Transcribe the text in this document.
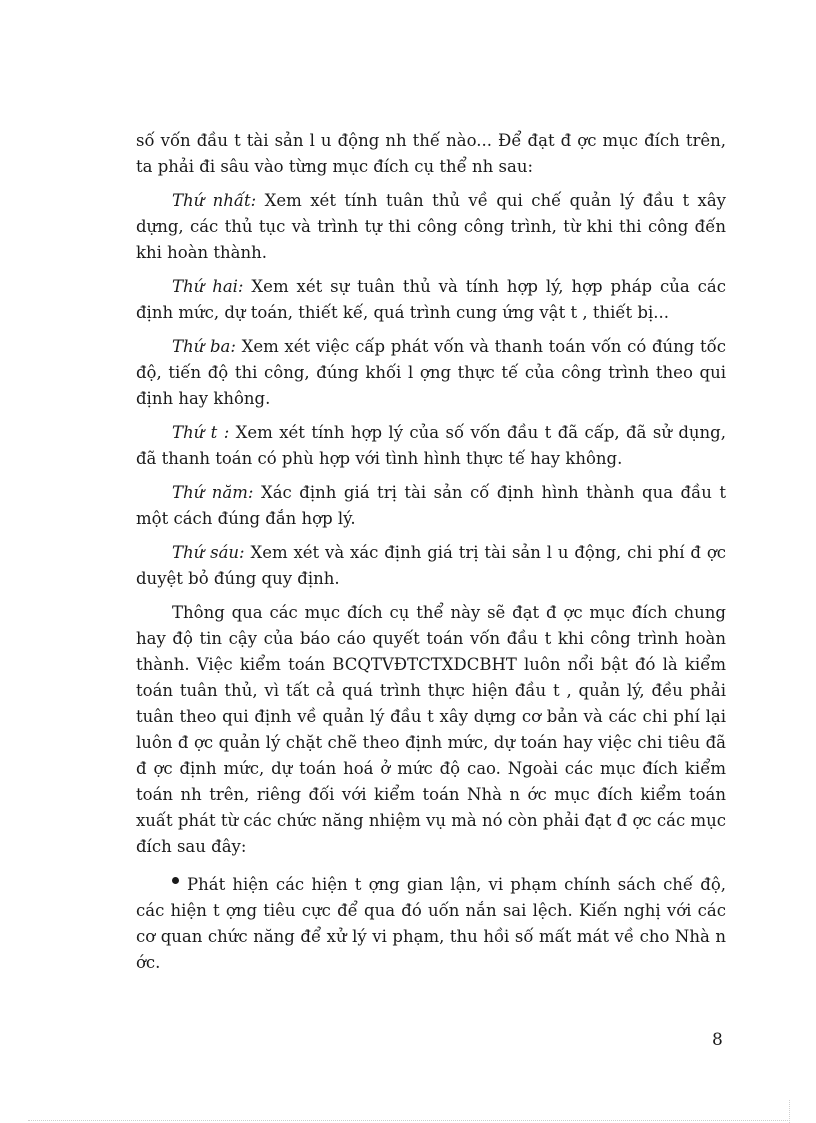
số vốn đầu t tài sản l u động nh thế nào... Để đạt đ ợc mục đích trên, ta phải đi sâu vào từng mục đích cụ thể nh sau:

Thứ nhất: Xem xét tính tuân thủ về qui chế quản lý đầu t xây dựng, các thủ tục và trình tự thi công công trình, từ khi thi công đến khi hoàn thành.

Thứ hai: Xem xét sự tuân thủ và tính hợp lý, hợp pháp của các định mức, dự toán, thiết kế, quá trình cung ứng vật t , thiết bị...

Thứ ba: Xem xét việc cấp phát vốn và thanh toán vốn có đúng tốc độ, tiến độ thi công, đúng khối l ợng thực tế của công trình theo qui định hay không.

Thứ t : Xem xét tính hợp lý của số vốn đầu t đã cấp, đã sử dụng, đã thanh toán có phù hợp với tình hình thực tế hay không.

Thứ năm: Xác định giá trị tài sản cố định hình thành qua đầu t một cách đúng đắn hợp lý.

Thứ sáu: Xem xét và xác định giá trị tài sản l u động, chi phí đ ợc duyệt bỏ đúng quy định.

Thông qua các mục đích cụ thể này sẽ đạt đ ợc mục đích chung hay độ tin cậy của báo cáo quyết toán vốn đầu t khi công trình hoàn thành. Việc kiểm toán BCQTVĐTCTXDCBHT luôn nổi bật đó là kiểm toán tuân thủ, vì tất cả quá trình thực hiện đầu t , quản lý, đều phải tuân theo qui định về quản lý đầu t xây dựng cơ bản và các chi phí lại luôn đ ợc quản lý chặt chẽ theo định mức, dự toán hay việc chi tiêu đã đ ợc định mức, dự toán hoá ở mức độ cao. Ngoài các mục đích kiểm toán nh trên, riêng đối với kiểm toán Nhà n ớc mục đích kiểm toán xuất phát từ các chức năng nhiệm vụ mà nó còn phải đạt đ ợc các mục đích sau đây:

Phát hiện các hiện t ợng gian lận, vi phạm chính sách chế độ, các hiện t ợng tiêu cực để qua đó uốn nắn sai lệch. Kiến nghị với các cơ quan chức năng để xử lý vi phạm, thu hồi số mất mát về cho Nhà n ớc.

8
